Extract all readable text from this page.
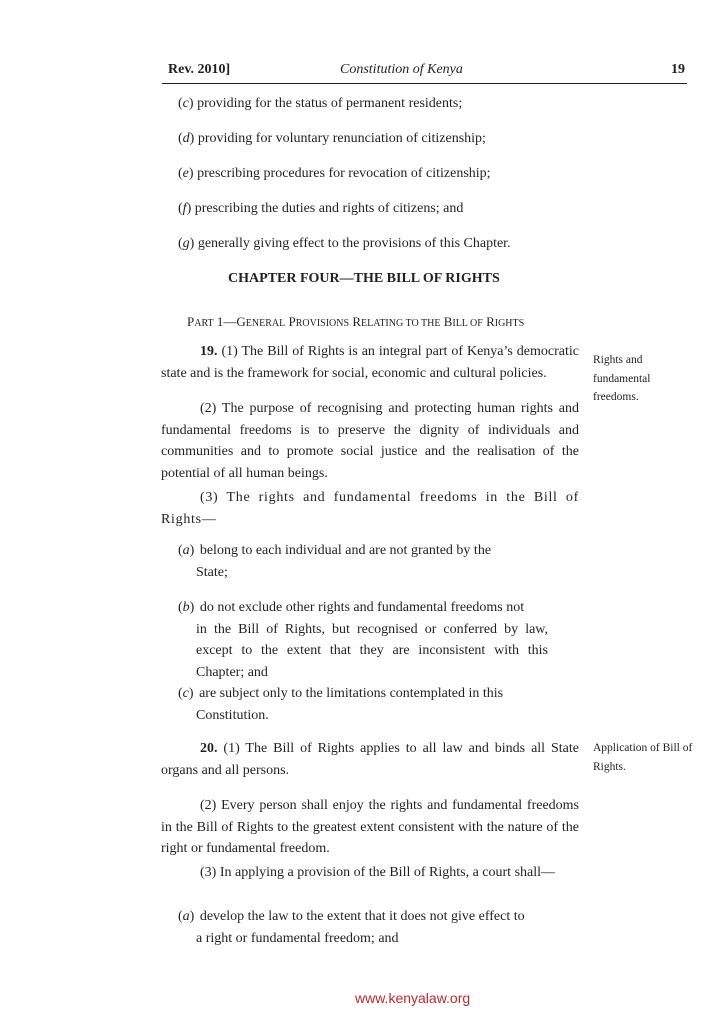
Rev. 2010]	Constitution of Kenya	19
(c) providing for the status of permanent residents;
(d) providing for voluntary renunciation of citizenship;
(e) prescribing procedures for revocation of citizenship;
(f) prescribing the duties and rights of citizens; and
(g) generally giving effect to the provisions of this Chapter.
CHAPTER FOUR—THE BILL OF RIGHTS
PART 1—GENERAL PROVISIONS RELATING TO THE BILL OF RIGHTS
19. (1) The Bill of Rights is an integral part of Kenya’s democratic state and is the framework for social, economic and cultural policies.
Rights and fundamental freedoms.
(2) The purpose of recognising and protecting human rights and fundamental freedoms is to preserve the dignity of individuals and communities and to promote social justice and the realisation of the potential of all human beings.
(3) The rights and fundamental freedoms in the Bill of Rights—
(a) belong to each individual and are not granted by the
State;
(b) do not exclude other rights and fundamental freedoms not
in the Bill of Rights, but recognised or conferred by law, except to the extent that they are inconsistent with this Chapter; and
(c) are subject only to the limitations contemplated in this
Constitution.
20. (1) The Bill of Rights applies to all law and binds all State organs and all persons.
Application of Bill of Rights.
(2) Every person shall enjoy the rights and fundamental freedoms in the Bill of Rights to the greatest extent consistent with the nature of the right or fundamental freedom.
(3) In applying a provision of the Bill of Rights, a court shall—
(a) develop the law to the extent that it does not give effect to
a right or fundamental freedom; and
www.kenyalaw.org
